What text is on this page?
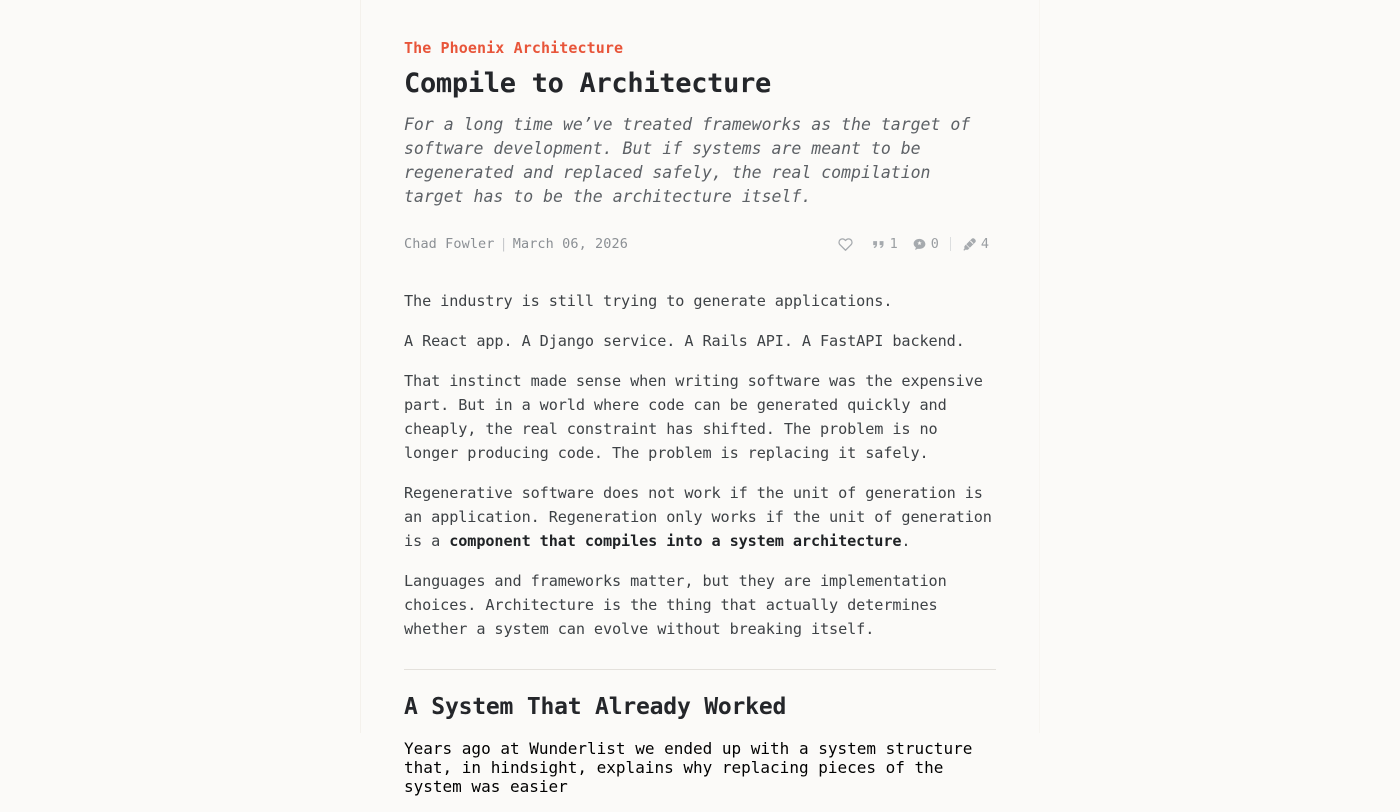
The Phoenix Architecture
Compile to Architecture

For a long time we’ve treated frameworks as the target of software development. But if systems are meant to be regenerated and replaced safely, the real compilation target has to be the architecture itself.

Chad Fowler | March 06, 2026	1 0	4

The industry is still trying to generate applications.

A React app. A Django service. A Rails API. A FastAPI backend.

That instinct made sense when writing software was the expensive part. But in a world where code can be generated quickly and cheaply, the real constraint has shifted. The problem is no longer producing code. The problem is replacing it safely.

Regenerative software does not work if the unit of generation is an application. Regeneration only works if the unit of generation is a component that compiles into a system architecture.

Languages and frameworks matter, but they are implementation choices. Architecture is the thing that actually determines whether a system can evolve without breaking itself.

A System That Already Worked

Years ago at Wunderlist we ended up with a system structure that, in hindsight, explains why replacing pieces of the system was easier
